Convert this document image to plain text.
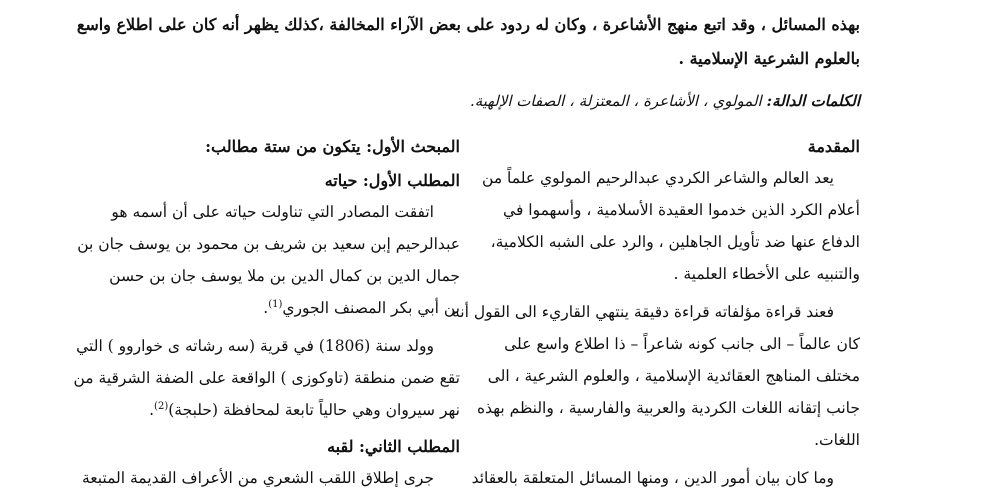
بهذه المسائل ، وقد اتبع منهج الأشاعرة ، وكان له ردود على بعض الآراء المخالفة ،كذلك يظهر أنه كان على اطلاع واسع
بالعلوم الشرعية الإسلامية .
الكلمات الدالة: المولوي ، الأشاعرة ، المعتزلة ، الصفات الإلهية.
المقدمة

يعد العالم والشاعر الكردي عبدالرحيم المولوي علماً من
أعلام الكرد الذين خدموا العقيدة الأسلامية ، وأسهموا في
الدفاع عنها ضد تأويل الجاهلين ، والرد على الشبه الكلامية،
والتنبيه على الأخطاء العلمية .

فعند قراءة مؤلفاته قراءة دقيقة ينتهي القاريء الى القول أنه
كان عالماً – الى جانب كونه شاعراً – ذا اطلاع واسع على
مختلف المناهج العقائدية الإسلامية ، والعلوم الشرعية ، الى
جانب إتقانه اللغات الكردية والعربية والفارسية ، والنظم بهذه
اللغات.

وما كان بيان أمور الدين ، ومنها المسائل المتعلقة بالعقائد

المبحث الأول: يتكون من ستة مطالب:
المطلب الأول: حياته

اتفقت المصادر التي تناولت حياته على أن أسمه هو
عبدالرحيم إبن سعيد بن شريف بن محمود بن يوسف جان بن
جمال الدين بن كمال الدين بن ملا يوسف جان بن حسن
بن أبي بكر المصنف الجوري$^{(1)}$.

وولد سنة (1806) في قرية (سه رشاته ى خواروو ) التي
تقع ضمن منطقة (تاوكوزى ) الواقعة على الضفة الشرقية من
نهر سيروان وهي حالياً تابعة لمحافظة (حلبجة)$^{(2)}$.

المطلب الثاني: لقبه

جرى إطلاق اللقب الشعري من الأعراف القديمة المتبعة
